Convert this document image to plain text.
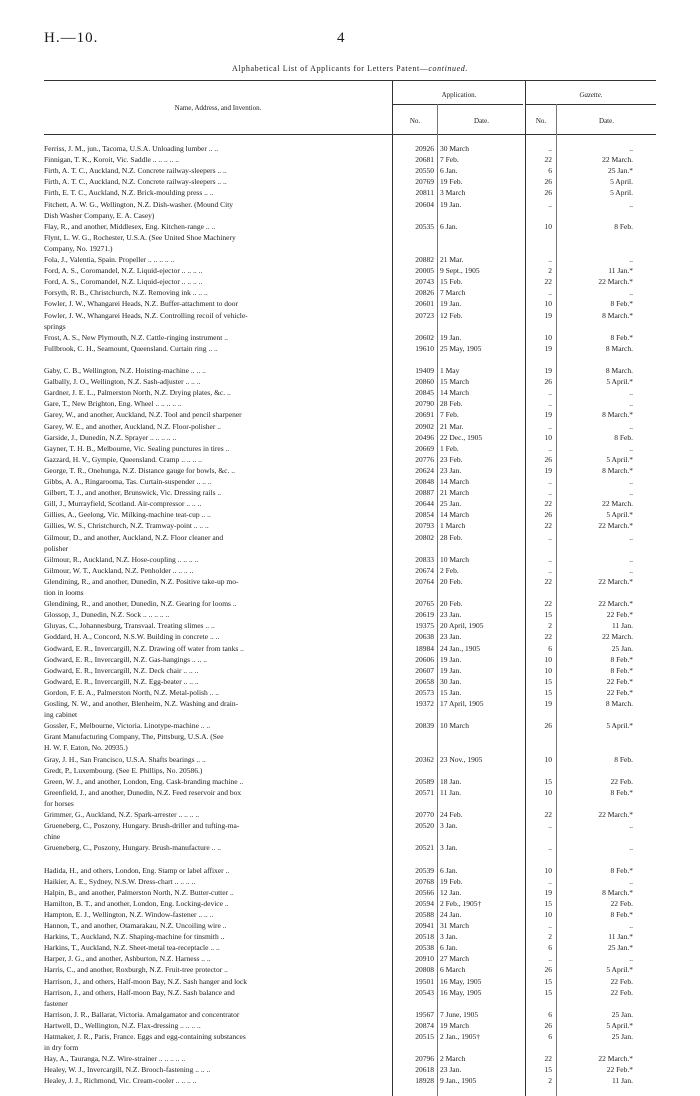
H.—10.	4
Alphabetical List of Applicants for Letters Patent—continued.
Name, Address, and Invention.
Application.	Gazette.
No.	Date.	No.	Date.
Ferriss, J. M., jun., Tacoma, U.S.A. Unloading lumber .. ..	20926 30 March	..	..
Finnigan, T. K., Koroit, Vic. Saddle .. .. .. .. ..	20681 7 Feb.	22	22 March.
Firth, A. T. C., Auckland, N.Z. Concrete railway-sleepers .. ..	20550 6 Jan.	6	25 Jan.*
Firth, A. T. C., Auckland, N.Z. Concrete railway-sleepers .. ..	20769 19 Feb.	26	5 April.
Firth, E. T. C., Auckland, N.Z. Brick-moulding press .. ..	20811 3 March	26	5 April.
Fitchett, A. W. G., Wellington, N.Z. Dish-washer. (Mound City	20604 19 Jan.	..	..
Dish Washer Company, E. A. Casey)
Flay, R., and another, Middlesex, Eng. Kitchen-range .. ..	20535 6 Jan.	10	8 Feb.
Flynt, L. W. G., Rochester, U.S.A. (See United Shoe Machinery
Company, No. 19271.)
Fola, J., Valentia, Spain. Propeller .. .. .. .. ..	20882 21 Mar.	..	..
Ford, A. S., Coromandel, N.Z. Liquid-ejector .. .. .. ..	20005 9 Sept., 1905	2	11 Jan.*
Ford, A. S., Coromandel, N.Z. Liquid-ejector .. .. .. ..	20743 15 Feb.	22	22 March.*
Forsyth, R. B., Christchurch, N.Z. Removing ink .. .. ..	20826 7 March	..	..
Fowler, J. W., Whangarei Heads, N.Z. Buffer-attachment to door	20601 19 Jan.	10	8 Feb.*
Fowler, J. W., Whangarei Heads, N.Z. Controlling recoil of vehicle-	20723 12 Feb.	19	8 March.*
springs
Frost, A. S., New Plymouth, N.Z. Cattle-ringing instrument ..	20602 19 Jan.	10	8 Feb.*
Fullbrook, C. H., Seamount, Queensland. Curtain ring .. ..	19610 25 May, 1905	19	8 March.
Gaby, C. B., Wellington, N.Z. Hoisting-machine .. .. ..	19409 1 May	19	8 March.
Galbally, J. O., Wellington, N.Z. Sash-adjuster .. .. ..	20860 15 March	26	5 April.*
Gardner, J. E. L., Palmerston North, N.Z. Drying plates, &c. ..	20845 14 March	..	..
Gare, T., New Brighton, Eng. Wheel .. .. .. .. ..	20790 28 Feb.	..	..
Garey, W., and another, Auckland, N.Z. Tool and pencil sharpener	20691 7 Feb.	19	8 March.*
Garey, W. E., and another, Auckland, N.Z. Floor-polisher ..	20902 21 Mar.	..	..
Garside, J., Dunedin, N.Z. Sprayer .. .. .. .. ..	20496 22 Dec., 1905	10	8 Feb.
Gayner, T. H. B., Melbourne, Vic. Sealing punctures in tires ..	20669 1 Feb.	..	..
Gazzard, H. V., Gympie, Queensland. Cramp .. .. .. ..	20776 23 Feb.	26	5 April.*
George, T. R., Onehunga, N.Z. Distance gauge for bowls, &c. ..	20624 23 Jan.	19	8 March.*
Gibbs, A. A., Ringarooma, Tas. Curtain-suspender .. .. ..	20848 14 March	..	..
Gilbert, T. J., and another, Brunswick, Vic. Dressing rails ..	20887 21 March	..	..
Gill, J., Murrayfield, Scotland. Air-compressor .. .. ..	20644 25 Jan.	22	22 March.
Gillies, A., Geelong, Vic. Milking-machine teat-cup .. ..	20854 14 March	26	5 April.*
Gillies, W. S., Christchurch, N.Z. Tramway-point .. .. ..	20793 1 March	22	22 March.*
Gilmour, D., and another, Auckland, N.Z. Floor cleaner and	20802 28 Feb.	..	..
polisher
Gilmour, R., Auckland, N.Z. Hose-coupling .. .. .. ..	20833 10 March	..	..
Gilmour, W. T., Auckland, N.Z. Penholder .. .. .. ..	20674 2 Feb.	..	..
Glendining, R., and another, Dunedin, N.Z. Positive take-up mo-	20764 20 Feb.	22	22 March.*
tion in looms
Glendining, R., and another, Dunedin, N.Z. Gearing for looms ..	20765 20 Feb.	22	22 March.*
Glossop, J., Dunedin, N.Z. Sock .. .. .. .. ..	20619 23 Jan.	15	22 Feb.*
Gluyas, C., Johannesburg, Transvaal. Treating slimes .. ..	19375 20 April, 1905	2	11 Jan.
Goddard, H. A., Concord, N.S.W. Building in concrete .. ..	20638 23 Jan.	22	22 March.
Godward, E. R., Invercargill, N.Z. Drawing off water from tanks ..	18984 24 Jan., 1905	6	25 Jan.
Godward, E. R., Invercargill, N.Z. Gas-hangings .. .. ..	20606 19 Jan.	10	8 Feb.*
Godward, E. R., Invercargill, N.Z. Deck chair .. .. ..	20607 19 Jan.	10	8 Feb.*
Godward, E. R., Invercargill, N.Z. Egg-beater .. .. ..	20658 30 Jan.	15	22 Feb.*
Gordon, F. E. A., Palmerston North, N.Z. Metal-polish .. ..	20573 15 Jan.	15	22 Feb.*
Gosling, N. W., and another, Blenheim, N.Z. Washing and drain-	19372 17 April, 1905	19	8 March.
ing cabinet
Gossler, F., Melbourne, Victoria. Linotype-machine .. ..	20839 10 March	26	5 April.*
Grant Manufacturing Company, The, Pittsburg, U.S.A. (See
H. W. F. Eaton, No. 20935.)
Gray, J. H., San Francisco, U.S.A. Shafts bearings .. ..	20362 23 Nov., 1905	10	8 Feb.
Gredt, P., Luxembourg. (See E. Phillips, No. 20586.)
Green, W. J., and another, London, Eng. Cask-branding machine ..	20589 18 Jan.	15	22 Feb.
Greenfield, J., and another, Dunedin, N.Z. Feed reservoir and box	20571 11 Jan.	10	8 Feb.*
for horses
Grimmer, G., Auckland, N.Z. Spark-arrester .. .. .. ..	20770 24 Feb.	22	22 March.*
Grueneberg, C., Poszony, Hungary. Brush-driller and tufting-ma-	20520 3 Jan.	..	..
chine
Grueneberg, C., Poszony, Hungary. Brush-manufacture .. ..	20521 3 Jan.	..	..
Hadida, H., and others, London, Eng. Stamp or label affixer ..	20539 6 Jan.	10	8 Feb.*
Haikier, A. E., Sydney, N.S.W. Dress-chart .. .. .. ..	20768 19 Feb.	..	..
Halpin, B., and another, Palmerston North, N.Z. Butter-cutter ..	20566 12 Jan.	19	8 March.*
Hamilton, B. T., and another, London, Eng. Locking-device ..	20594 2 Feb., 1905†	15	22 Feb.
Hampton, E. J., Wellington, N.Z. Window-fastener .. .. ..	20588 24 Jan.	10	8 Feb.*
Hannon, T., and another, Otamarakau, N.Z. Uncoiling wire ..	20941 31 March	..	..
Harkins, T., Auckland, N.Z. Shaping-machine for tinsmith ..	20518 3 Jan.	2	11 Jan.*
Harkins, T., Auckland, N.Z. Sheet-metal tea-receptacle .. ..	20538 6 Jan.	6	25 Jan.*
Harper, J. G., and another, Ashburton, N.Z. Harness .. ..	20910 27 March	..	..
Harris, C., and another, Roxburgh, N.Z. Fruit-tree protector ..	20808 6 March	26	5 April.*
Harrison, J., and others, Half-moon Bay, N.Z. Sash hanger and lock	19501 16 May, 1905	15	22 Feb.
Harrison, J., and others, Half-moon Bay, N.Z. Sash balance and	20543 16 May, 1905	15	22 Feb.
fastener
Harrison, J. R., Ballarat, Victoria. Amalgamator and concentrator	19567 7 June, 1905	6	25 Jan.
Hartwell, D., Wellington, N.Z. Flax-dressing .. .. .. ..	20874 19 March	26	5 April.*
Hatmaker, J. R., Paris, France. Eggs and egg-containing substances	20515 2 Jan., 1905†	6	25 Jan.
in dry form
Hay, A., Tauranga, N.Z. Wire-strainer .. .. .. .. ..	20796 2 March	22	22 March.*
Healey, W. J., Invercargill, N.Z. Brooch-fastening .. .. ..	20618 23 Jan.	15	22 Feb.*
Healey, J. J., Richmond, Vic. Cream-cooler .. .. .. ..	18928 9 Jan., 1905	2	11 Jan.
